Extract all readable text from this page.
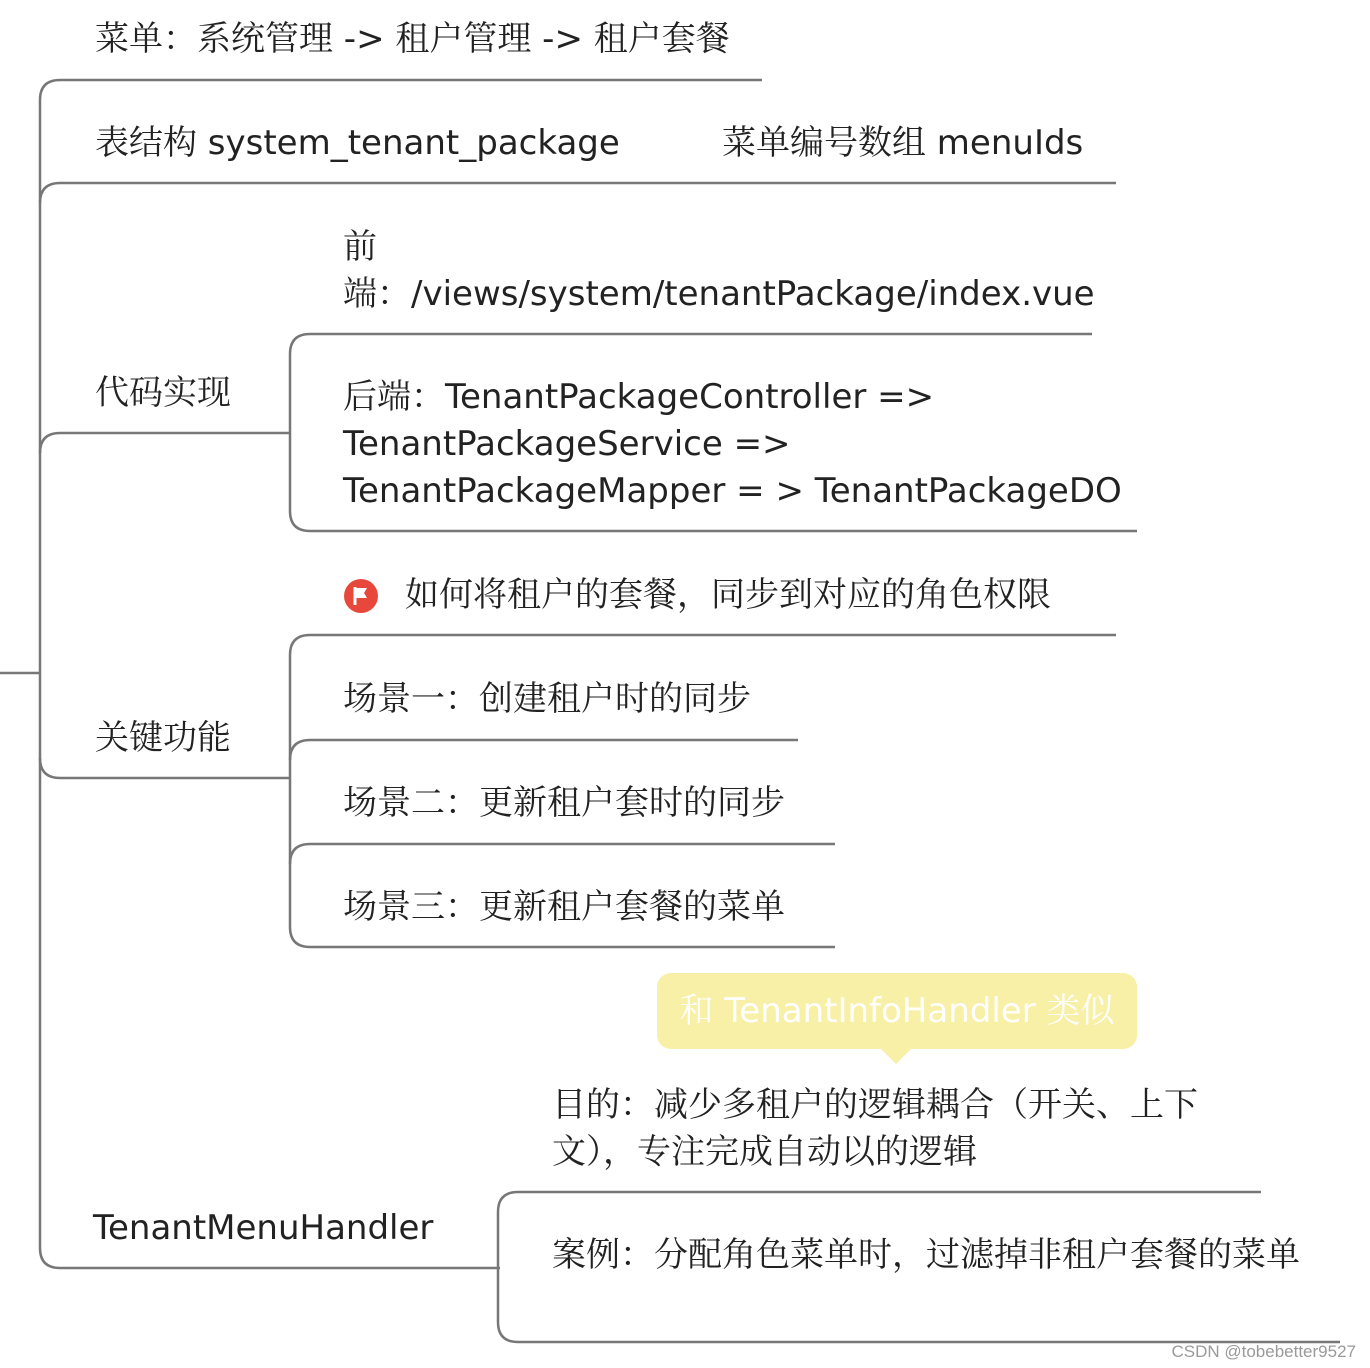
菜单：系统管理 -> 租户管理 -> 租户套餐
表结构 system_tenant_package	菜单编号数组 menuIds
代码实现
前端：/views/system/tenantPackage/index.vue
后端：TenantPackageController => TenantPackageService => TenantPackageMapper = > TenantPackageDO
关键功能
如何将租户的套餐，同步到对应的角色权限
场景一：创建租户时的同步
场景二：更新租户套时的同步
场景三：更新租户套餐的菜单
和 TenantInfoHandler 类似
TenantMenuHandler
目的：减少多租户的逻辑耦合（开关、上下文），专注完成自动以的逻辑
案例：分配角色菜单时，过滤掉非租户套餐的菜单
CSDN @tobebetter9527
